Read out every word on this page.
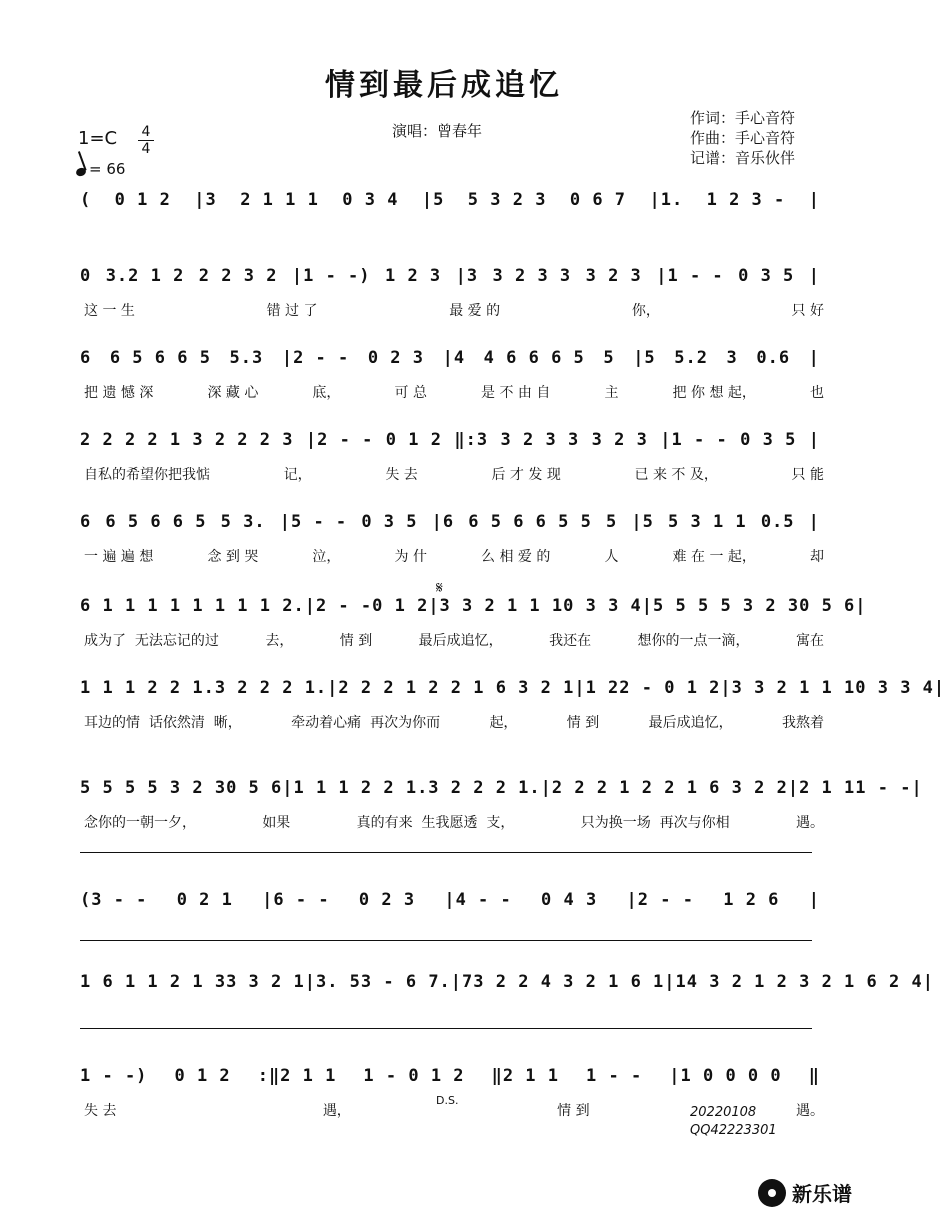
情到最后成追忆
1=C 4
4
= 66
演唱：曾春年
作词：手心音符
作曲：手心音符
记谱：音乐伙伴
𝄋
D.S.
( 0 1 2 |3 2 1 1 1 0 3 4 |5 5 3 2 3 0 6 7 |1. 1 2 3 - |
0 3.2 1 2 2 2 3 2 |1 - -) 1 2 3 |3 3 2 3 3 3 2 3 |1 - - 0 3 5 |
这 一 生	错 过 了	最 爱 的	你，	只 好
6 6 5 6 6 5 5.3 |2 - - 0 2 3 |4 4 6 6 6 5 5 |5 5.2 3 0.6 |
把 遗 憾 深	深 藏 心	底，	可 总	是 不 由 自	主	把 你 想 起，	也
2 2 2 2 1 3 2 2 2 3 |2 - - 0 1 2 ‖:3 3 2 3 3 3 2 3 |1 - - 0 3 5 |
自私的希望你把我惦	记，	失 去	后 才 发 现	已 来 不 及，	只 能
6 6 5 6 6 5 5 3. |5 - - 0 3 5 |6 6 5 6 6 5 5 5 |5 5 3 1 1 0.5 |
一 遍 遍 想	念 到 哭	泣，	为 什	么 相 爱 的	人	难 在 一 起，	却
6 1 1 1 1 1 1 1 1 2. |2 - - 0 1 2 |3 3 2 1 1 1 0 3 3 4 |5 5 5 5 3 2 3 0 5 6 |
成为了  无法忘记的过	去，	情 到	最后成追忆，	我还在	想你的一点一滴，	寓在
1 1 1 2 2 1.3 2 2 2 1. |2 2 2 1 2 2 1 6 3 2 1 |1 2 2 - 0 1 2 |3 3 2 1 1 1 0 3 3 4 |
耳边的情  话依然清  晰，	牵动着心痛  再次为你而	起，	情 到	最后成追忆，	我熬着
5 5 5 5 3 2 3 0 5 6 |1 1 1 2 2 1.3 2 2 2 1. |2 2 2 1 2 2 1 6 3 2 2 |2 1 1 1 - - |
念你的一朝一夕，	如果	真的有来  生我愿透  支，	只为换一场  再次与你相	遇。
(3 - - 0 2 1 |6 - - 0 2 3 |4 - - 0 4 3 |2 - - 1 2 6 |
1 6 1 1 2 1 3 3 3 2 1 |3. 5 3 - 6 7. |7 3 2 2 4 3 2 1 6 1 |1 4 3 2 1 2 3 2 1 6 2 4 |
1 - -) 0 1 2 :‖2 1 1 1 - 0 1 2 ‖2 1 1 1 - - |1 0 0 0 0 ‖
失 去	遇，	情 到	遇。
20220108
QQ42223301
新乐谱
